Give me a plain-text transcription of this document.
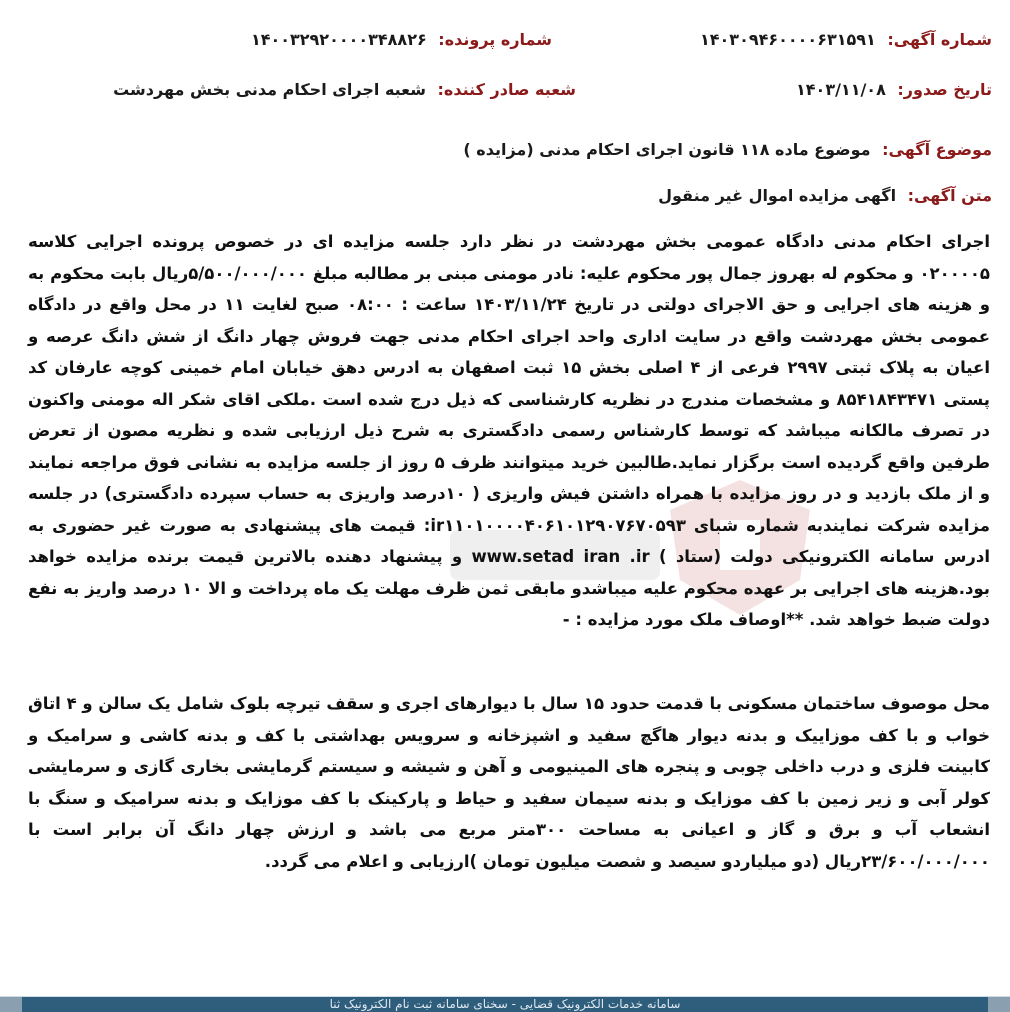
شماره آگهی: ۱۴۰۳۰۹۴۶۰۰۰۰۶۳۱۵۹۱
شماره پرونده: ۱۴۰۰۳۲۹۲۰۰۰۰۳۴۸۸۲۶
تاریخ صدور: ۱۴۰۳/۱۱/۰۸
شعبه صادر کننده: شعبه اجرای احکام مدنی بخش مهردشت
موضوع آگهی: موضوع ماده ۱۱۸ قانون اجرای احکام مدنی (مزایده )
متن آگهی: اگهی مزایده اموال غیر منقول

اجرای احکام مدنی دادگاه عمومی بخش مهردشت در نظر دارد جلسه مزایده ای در خصوص پرونده اجرایی کلاسه ۰۲۰۰۰۰۵ و محکوم له بهروز جمال پور محکوم علیه: نادر مومنی مبنی بر مطالبه مبلغ ۵/۵۰۰/۰۰۰/۰۰۰ریال بابت محکوم به و هزینه های اجرایی و حق الاجرای دولتی در تاریخ ۱۴۰۳/۱۱/۲۴ ساعت : ۰۸:۰۰ صبح لغایت ۱۱ در محل واقع در دادگاه عمومی بخش مهردشت واقع در سایت اداری واحد اجرای احکام مدنی جهت فروش چهار دانگ از شش دانگ عرصه و اعیان به پلاک ثبتی ۲۹۹۷ فرعی از ۴ اصلی بخش ۱۵ ثبت اصفهان به ادرس دهق خیابان امام خمینی کوچه عارفان کد پستی ۸۵۴۱۸۴۳۴۷۱ و مشخصات مندرج در نظریه کارشناسی که ذیل درج شده است .ملکی اقای شکر اله مومنی واکنون در تصرف مالکانه میباشد که توسط کارشناس رسمی دادگستری به شرح ذیل ارزیابی شده و نظریه مصون از تعرض طرفین واقع گردیده است برگزار نماید.طالبین خرید میتوانند ظرف ۵ روز از جلسه مزایده به نشانی فوق مراجعه نمایند و از ملک بازدید و در روز مزایده با همراه داشتن فیش واریزی ( ۱۰درصد واریزی به حساب سپرده دادگستری) در جلسه مزایده شرکت نمایندبه شماره شبای ir۱۱۰۱۰۰۰۰۴۰۶۱۰۱۲۹۰۷۶۷۰۵۹۳: قیمت های پیشنهادی به صورت غیر حضوری به ادرس سامانه الکترونیکی دولت (ستاد ) www.setad iran .ir و پیشنهاد دهنده بالاترین قیمت برنده مزایده خواهد بود.هزینه های اجرایی بر عهده محکوم علیه میباشدو مابقی ثمن ظرف مهلت یک ماه پرداخت و الا ۱۰ درصد واریز به نفع دولت ضبط خواهد شد. **اوصاف ملک مورد مزایده : -

محل موصوف ساختمان مسکونی با قدمت حدود ۱۵ سال با دیوارهای اجری و سقف تیرچه بلوک شامل یک سالن و ۴ اتاق خواب و با کف موزاییک و بدنه دیوار هاگچ سفید و اشپزخانه و سرویس بهداشتی با کف و بدنه کاشی و سرامیک و کابینت فلزی و درب داخلی چوبی و پنجره های المینیومی و آهن و شیشه و سیستم گرمایشی بخاری گازی و سرمایشی کولر آبی و زیر زمین با کف موزایک و بدنه سیمان سفید و حیاط و پارکینک با کف موزایک و بدنه سرامیک و سنگ با انشعاب آب و برق و گاز و اعیانی به مساحت ۳۰۰متر مربع می باشد و ارزش چهار دانگ آن برابر است با ۲۳/۶۰۰/۰۰۰/۰۰۰ریال (دو میلیاردو سیصد و شصت میلیون تومان )ارزیابی و اعلام می گردد.

سامانه خدمات الکترونیک قضایی - سخنای سامانه ثبت نام الکترونیک ثنا
